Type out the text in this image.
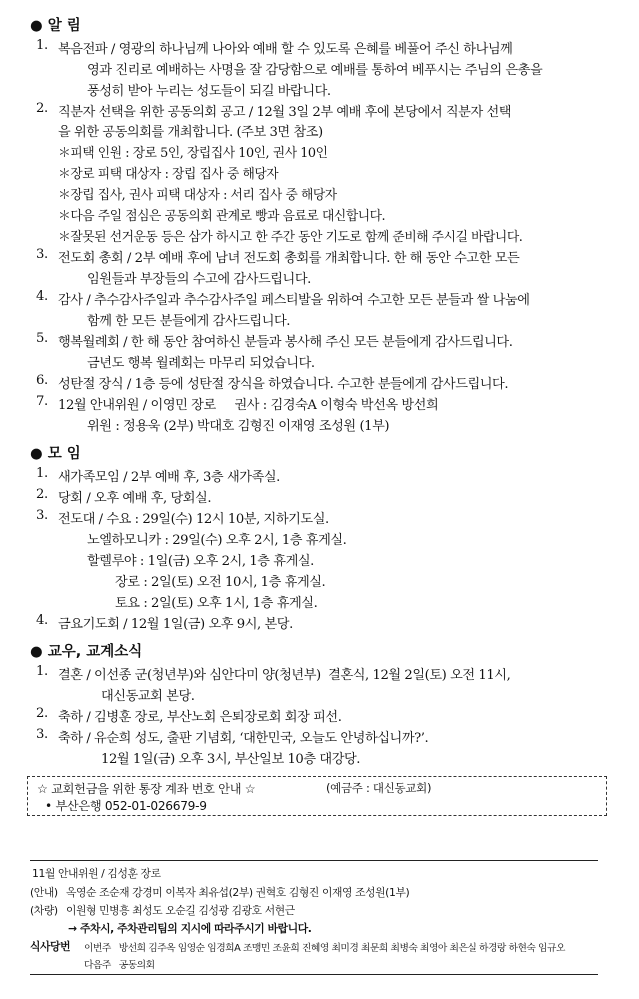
● 알 림
1. 복음전파 / 영광의 하나님께 나아와 예배 할 수 있도록 은혜를 베풀어 주신 하나님께
영과 진리로 예배하는 사명을 잘 감당함으로 예배를 통하여 베푸시는 주님의 은총을
풍성히 받아 누리는 성도들이 되길 바랍니다.
2. 직분자 선택을 위한 공동의회 공고 / 12월 3일 2부 예배 후에 본당에서 직분자 선택
을 위한 공동의회를 개최합니다. (주보 3면 참조)
＊피택 인원 : 장로 5인, 장립집사 10인, 권사 10인
＊장로 피택 대상자 : 장립 집사 중 해당자
＊장립 집사, 권사 피택 대상자 : 서리 집사 중 해당자
＊다음 주일 점심은 공동의회 관계로 빵과 음료로 대신합니다.
＊잘못된 선거운동 등은 삼가 하시고 한 주간 동안 기도로 함께 준비해 주시길 바랍니다.
3. 전도회 총회 / 2부 예배 후에 남녀 전도회 총회를 개최합니다. 한 해 동안 수고한 모든
임원들과 부장들의 수고에 감사드립니다.
4. 감사 / 추수감사주일과 추수감사주일 페스티발을 위하여 수고한 모든 분들과 쌀 나눔에
함께 한 모든 분들에게 감사드립니다.
5. 행복월례회 / 한 해 동안 참여하신 분들과 봉사해 주신 모든 분들에게 감사드립니다.
금년도 행복 월례회는 마무리 되었습니다.
6. 성탄절 장식 / 1층 등에 성탄절 장식을 하였습니다. 수고한 분들에게 감사드립니다.
7. 12월 안내위원 / 이영민 장로     권사 : 김경숙A 이형숙 박선옥 방선희
위원 : 정용욱 (2부) 박대호 김형진 이재영 조성원 (1부)
● 모 임
1. 새가족모임 / 2부 예배 후, 3층 새가족실.
2. 당회 / 오후 예배 후, 당회실.
3. 전도대 / 수요 : 29일(수) 12시 10분, 지하기도실.
노엘하모니카 : 29일(수) 오후 2시, 1층 휴게실.
할렐루야 : 1일(금) 오후 2시, 1층 휴게실.
장로 : 2일(토) 오전 10시, 1층 휴게실.
토요 : 2일(토) 오후 1시, 1층 휴게실.
4. 금요기도회 / 12월 1일(금) 오후 9시, 본당.
● 교우, 교계소식
1. 결혼 / 이선종 군(청년부)와 심안다미 양(청년부)  결혼식, 12월 2일(토) 오전 11시,
대신동교회 본당.
2. 축하 / 김병훈 장로, 부산노회 은퇴장로회 회장 피선.
3. 축하 / 유순희 성도, 출판 기념회, ‘대한민국, 오늘도 안녕하십니까?’.
12월 1일(금) 오후 3시, 부산일보 10층 대강당.
☆ 교회헌금을 위한 통장 계좌 번호 안내 ☆	(예금주 : 대신동교회)
• 부산은행 052-01-026679-9
11월 안내위원 / 김성훈 장로
(안내) 옥영순 조순재 강경미 이복자 최유섭(2부) 권혁호 김형진 이재영 조성원(1부)
(차량) 이원형 민병흥 최성도 오순길 김성광 김광호 서현근
→ 주차시, 주차관리팀의 지시에 따라주시기 바랍니다.
식사당번 이번주   방선희 김주옥 임영순 임경희A 조맹민 조윤희 진혜영 최미경 최문희 최병숙 최영아 최은실 하경랑 하현숙 임규오
다음주   공동의회
